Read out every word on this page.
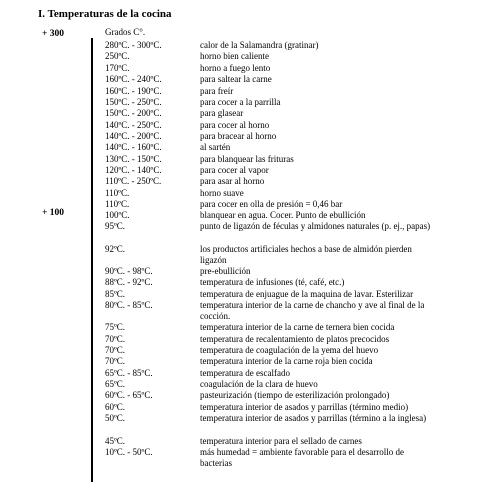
I. Temperaturas de la cocina
+ 300
+ 100
Grados C°.
280ºC. - 300ºC.	calor de la Salamandra (gratinar)
250ºC.	horno bien caliente
170ºC.	horno a fuego lento
160ºC. - 240ºC.	para saltear la carne
160ºC. - 190ºC.	para freír
150ºC. - 250ºC.	para cocer a la parrilla
150ºC. - 200ºC.	para glasear
140ºC. - 250ºC.	para cocer al horno
140ºC. - 200ºC.	para bracear al horno
140ºC. - 160ºC.	al sartén
130ºC. - 150ºC.	para blanquear las frituras
120ºC. - 140ºC.	para cocer al vapor
110ºC. - 250ºC.	para asar al horno
110ºC.	horno suave
110ºC.	para cocer en olla de presión = 0,46 bar
100ºC.	blanquear en agua. Cocer. Punto de ebullición
95ºC.	punto de ligazón de féculas y almidones naturales (p. ej., papas)
92ºC.	los productos artificiales hechos a base de almidón pierden ligazón
90ºC. - 98ºC.	pre-ebullición
88ºC. - 92ºC.	temperatura de infusiones (té, café, etc.)
85ºC.	temperatura de enjuague de la maquina de lavar. Esterilizar
80ºC. - 85ºC.	temperatura interior de la carne de chancho y ave al final de la cocción.
75ºC.	temperatura interior de la carne de ternera bien cocida
70ºC.	temperatura de recalentamiento de platos precocidos
70ºC.	temperatura de coagulación de la yema del huevo
70ºC.	temperatura interior de la carne roja bien cocida
65ºC. - 85ºC.	temperatura de escalfado
65ºC.	coagulación de la clara de huevo
60ºC. - 65ºC.	pasteurización (tiempo de esterilización prolongado)
60ºC.	temperatura interior de asados y parrillas (término medio)
50ºC.	temperatura interior de asados y parrillas (término a la inglesa)
45ºC.	temperatura interior para el sellado de carnes
10ºC. - 50ºC.	más humedad = ambiente favorable para el desarrollo de bacterias
